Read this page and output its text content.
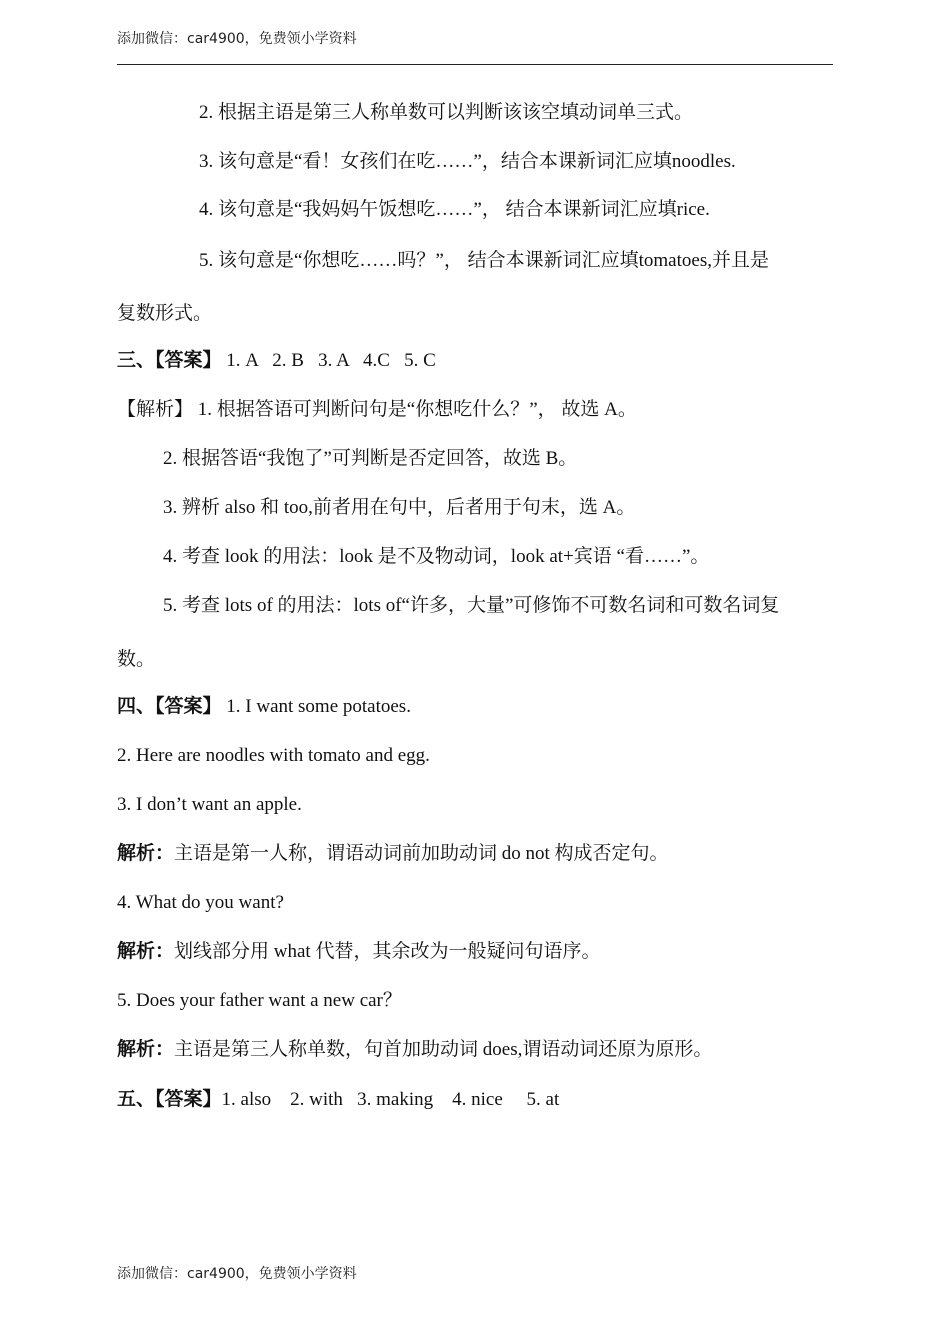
添加微信：car4900，免费领小学资料
2. 根据主语是第三人称单数可以判断该该空填动词单三式。
3. 该句意是“看！女孩们在吃……”，结合本课新词汇应填noodles.
4. 该句意是“我妈妈午饭想吃……”， 结合本课新词汇应填rice.
5. 该句意是“你想吃……吗？”， 结合本课新词汇应填tomatoes,并且是
复数形式。
三、【答案】 1. A   2. B   3. A   4.C   5. C
【解析】 1. 根据答语可判断问句是“你想吃什么？”， 故选 A。
2. 根据答语“我饱了”可判断是否定回答，故选 B。
3. 辨析 also 和 too,前者用在句中，后者用于句末，选 A。
4. 考查 look 的用法：look 是不及物动词，look at+宾语 “看……”。
5. 考查 lots of 的用法：lots of“许多，大量”可修饰不可数名词和可数名词复
数。
四、【答案】 1. I want some potatoes.
2. Here are noodles with tomato and egg.
3. I don’t want an apple.
解析：主语是第一人称，谓语动词前加助动词 do not 构成否定句。
4. What do you want?
解析：划线部分用 what 代替，其余改为一般疑问句语序。
5. Does your father want a new car？
解析：主语是第三人称单数，句首加助动词 does,谓语动词还原为原形。
五、【答案】1. also    2. with   3. making    4. nice     5. at
添加微信：car4900，免费领小学资料
